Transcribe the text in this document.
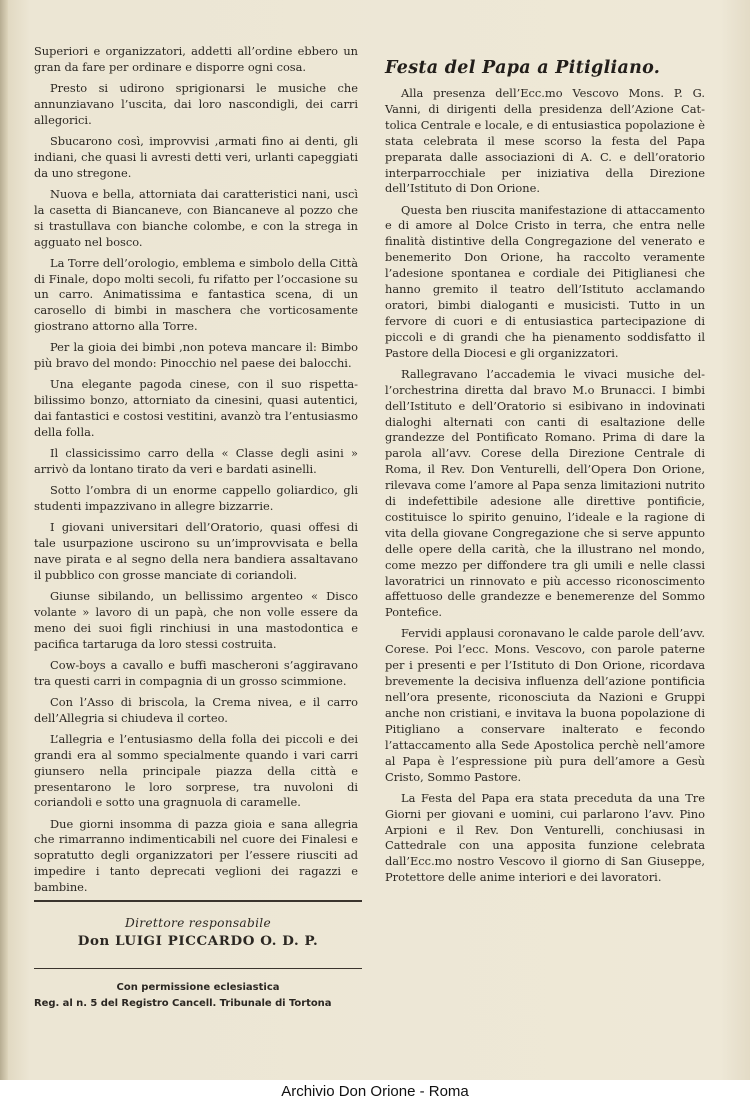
Superiori e organizzatori, addetti all’ordine ebbero un gran da fare per ordinare e disporre ogni cosa.

Presto si udirono sprigionarsi le musiche che annunziavano l’uscita, dai loro nascondigli, dei carri allegorici.

Sbucarono così, improvvisi ,armati fino ai denti, gli indiani, che quasi li avresti detti veri, urlanti capeggiati da uno stregone.

Nuova e bella, attorniata dai caratteristici nani, uscì la casetta di Biancaneve, con Biancaneve al pozzo che si trastullava con bianche colombe, e con la strega in agguato nel bosco.

La Torre dell’orologio, emblema e simbolo della Città di Finale, dopo molti secoli, fu rifatto per l’occasione su un carro. Animatissima e fantastica scena, di un carosello di bimbi in maschera che vorticosamente giostrano attorno alla Torre.

Per la gioia dei bimbi ,non poteva mancare il: Bimbo più bravo del mondo: Pinocchio nel paese dei balocchi.

Una elegante pagoda cinese, con il suo rispettabilissimo bonzo, attorniato da cinesini, quasi autentici, dai fantastici e costosi vestitini, avanzò tra l’entusiasmo della folla.

Il classicissimo carro della « Classe degli asini » arrivò da lontano tirato da veri e bardati asinelli.

Sotto l’ombra di un enorme cappello goliardico, gli studenti impazzivano in allegre bizzarrie.

I giovani universitari dell’Oratorio, quasi offesi di tale usurpazione uscirono su un’improvvisata e bella nave pirata e al segno della nera bandiera assaltavano il pubblico con grosse manciate di coriandoli.

Giunse sibilando, un bellissimo argenteo « Disco volante » lavoro di un papà, che non volle essere da meno dei suoi figli rinchiusi in una mastodontica e pacifica tartaruga da loro stessi costruita.

Cow-boys a cavallo e buffi mascheroni s’aggiravano tra questi carri in compagnia di un grosso scimmione.

Con l’Asso di briscola, la Crema nivea, e il carro dell’Allegria si chiudeva il corteo.

L’allegria e l’entusiasmo della folla dei piccoli e dei grandi era al sommo specialmente quando i vari carri giunsero nella principale piazza della città e presentarono le loro sorprese, tra nuvoloni di coriandoli e sotto una gragnuola di caramelle.

Due giorni insomma di pazza gioia e sana allegria che rimarranno indimenticabili nel cuore dei Finalesi e sopratutto degli organizzatori per l’essere riusciti ad impedire i tanto deprecati veglioni dei ragazzi e bambine.

Direttore responsabile
Don LUIGI PICCARDO O. D. P.
Con permissione eclesiastica
Reg. al n. 5 del Registro Cancell. Tribunale di Tortona
Festa del Papa a Pitigliano.

Alla presenza dell’Ecc.mo Vescovo Mons. P. G. Vanni, di dirigenti della presidenza dell’Azione Cattolica Centrale e locale, e di entusiastica popolazione è stata celebrata il mese scorso la festa del Papa preparata dalle associazioni di A. C. e dell’oratorio interparrocchiale per iniziativa della Direzione dell’Istituto di Don Orione.

Questa ben riuscita manifestazione di attaccamento e di amore al Dolce Cristo in terra, che entra nelle finalità distintive della Congregazione del venerato e benemerito Don Orione, ha raccolto veramente l’adesione spontanea e cordiale dei Pitiglianesi che hanno gremito il teatro dell’Istituto acclamando oratori, bimbi dialoganti e musicisti. Tutto in un fervore di cuori e di entusiastica partecipazione di piccoli e di grandi che ha pienamento soddisfatto il Pastore della Diocesi e gli organizzatori.

Rallegravano l’accademia le vivaci musiche dell’orchestrina diretta dal bravo M.o Brunacci. I bimbi dell’Istituto e dell’Oratorio si esibivano in indovinati dialoghi alternati con canti di esaltazione delle grandezze del Pontificato Romano. Prima di dare la parola all’avv. Corese della Direzione Centrale di Roma, il Rev. Don Venturelli, dell’Opera Don Orione, rilevava come l’amore al Papa senza limitazioni nutrito di indefettibile adesione alle direttive pontificie, costituisce lo spirito genuino, l’ideale e la ragione di vita della giovane Congregazione che si serve appunto delle opere della carità, che la illustrano nel mondo, come mezzo per diffondere tra gli umili e nelle classi lavoratrici un rinnovato e più accesso riconoscimento affettuoso delle grandezze e benemerenze del Sommo Pontefice.

Fervidi applausi coronavano le calde parole dell’avv. Corese. Poi l’ecc. Mons. Vescovo, con parole paterne per i presenti e per l’Istituto di Don Orione, ricordava brevemente la decisiva influenza dell’azione pontificia nell’ora presente, riconosciuta da Nazioni e Gruppi anche non cristiani, e invitava la buona popolazione di Pitigliano a conservare inalterato e fecondo l’attaccamento alla Sede Apostolica perchè nell’amore al Papa è l’espressione più pura dell’amore a Gesù Cristo, Sommo Pastore.

La Festa del Papa era stata preceduta da una Tre Giorni per giovani e uomini, cui parlarono l’avv. Pino Arpioni e il Rev. Don Venturelli, conchiusasi in Cattedrale con una apposita funzione celebrata dall’Ecc.mo nostro Vescovo il giorno di San Giuseppe, Protettore delle anime interiori e dei lavoratori.

Archivio Don Orione - Roma
